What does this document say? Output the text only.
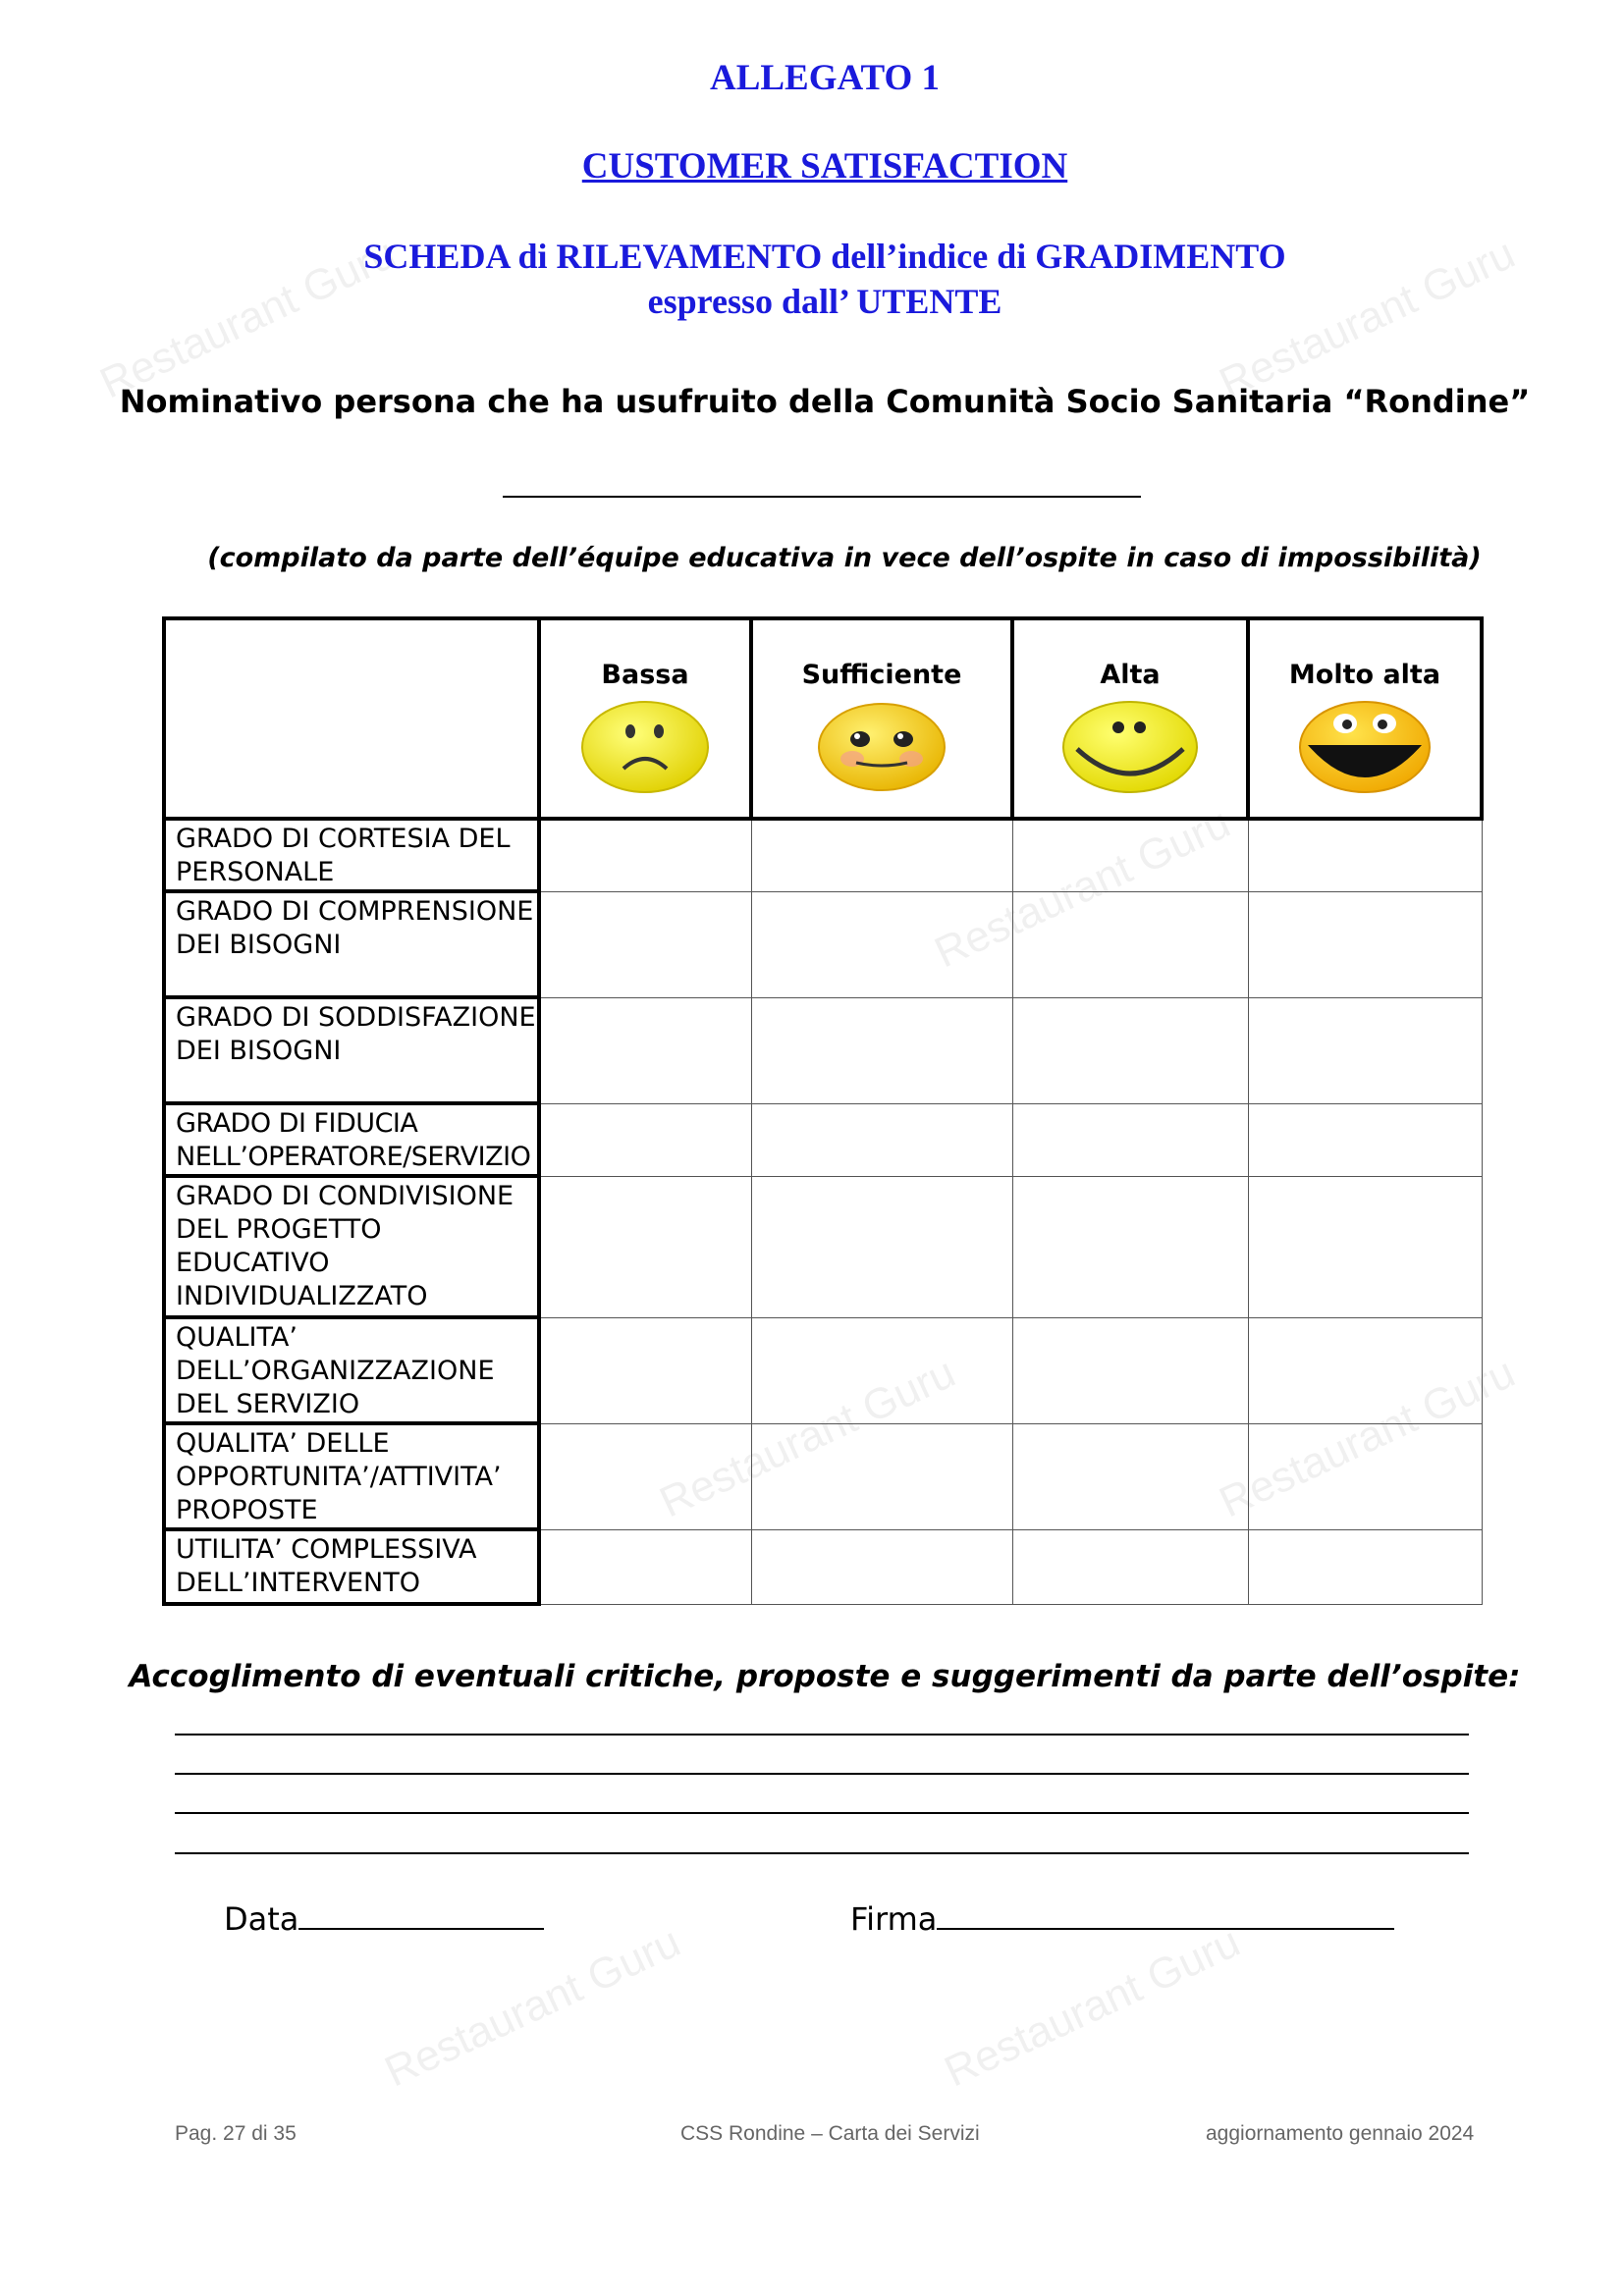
Restaurant Guru	Restaurant Guru
Restaurant Guru
Restaurant Guru	Restaurant Guru
Restaurant Guru	Restaurant Guru
ALLEGATO 1
CUSTOMER SATISFACTION
SCHEDA di RILEVAMENTO dell’indice di GRADIMENTO
espresso dall’ UTENTE
Nominativo persona che ha usufruito della Comunità Socio Sanitaria “Rondine”
(compilato da parte dell’équipe educativa in vece dell’ospite in caso di impossibilità)

	Bassa	Sufficiente	Alta	Molto alta

GRADO DI CORTESIA DEL PERSONALE				
GRADO DI COMPRENSIONE DEI BISOGNI				
GRADO DI SODDISFAZIONE DEI BISOGNI				
GRADO DI FIDUCIA NELL’OPERATORE/SERVIZIO				
GRADO DI CONDIVISIONE DEL PROGETTO EDUCATIVO INDIVIDUALIZZATO				
QUALITA’ DELL’ORGANIZZAZIONE DEL SERVIZIO				
QUALITA’ DELLE OPPORTUNITA’/ATTIVITA’ PROPOSTE				
UTILITA’ COMPLESSIVA DELL’INTERVENTO				
Accoglimento di eventuali critiche, proposte e suggerimenti da parte dell’ospite:
Data	Firma
Pag. 27 di 35	CSS Rondine – Carta dei Servizi	aggiornamento gennaio 2024
